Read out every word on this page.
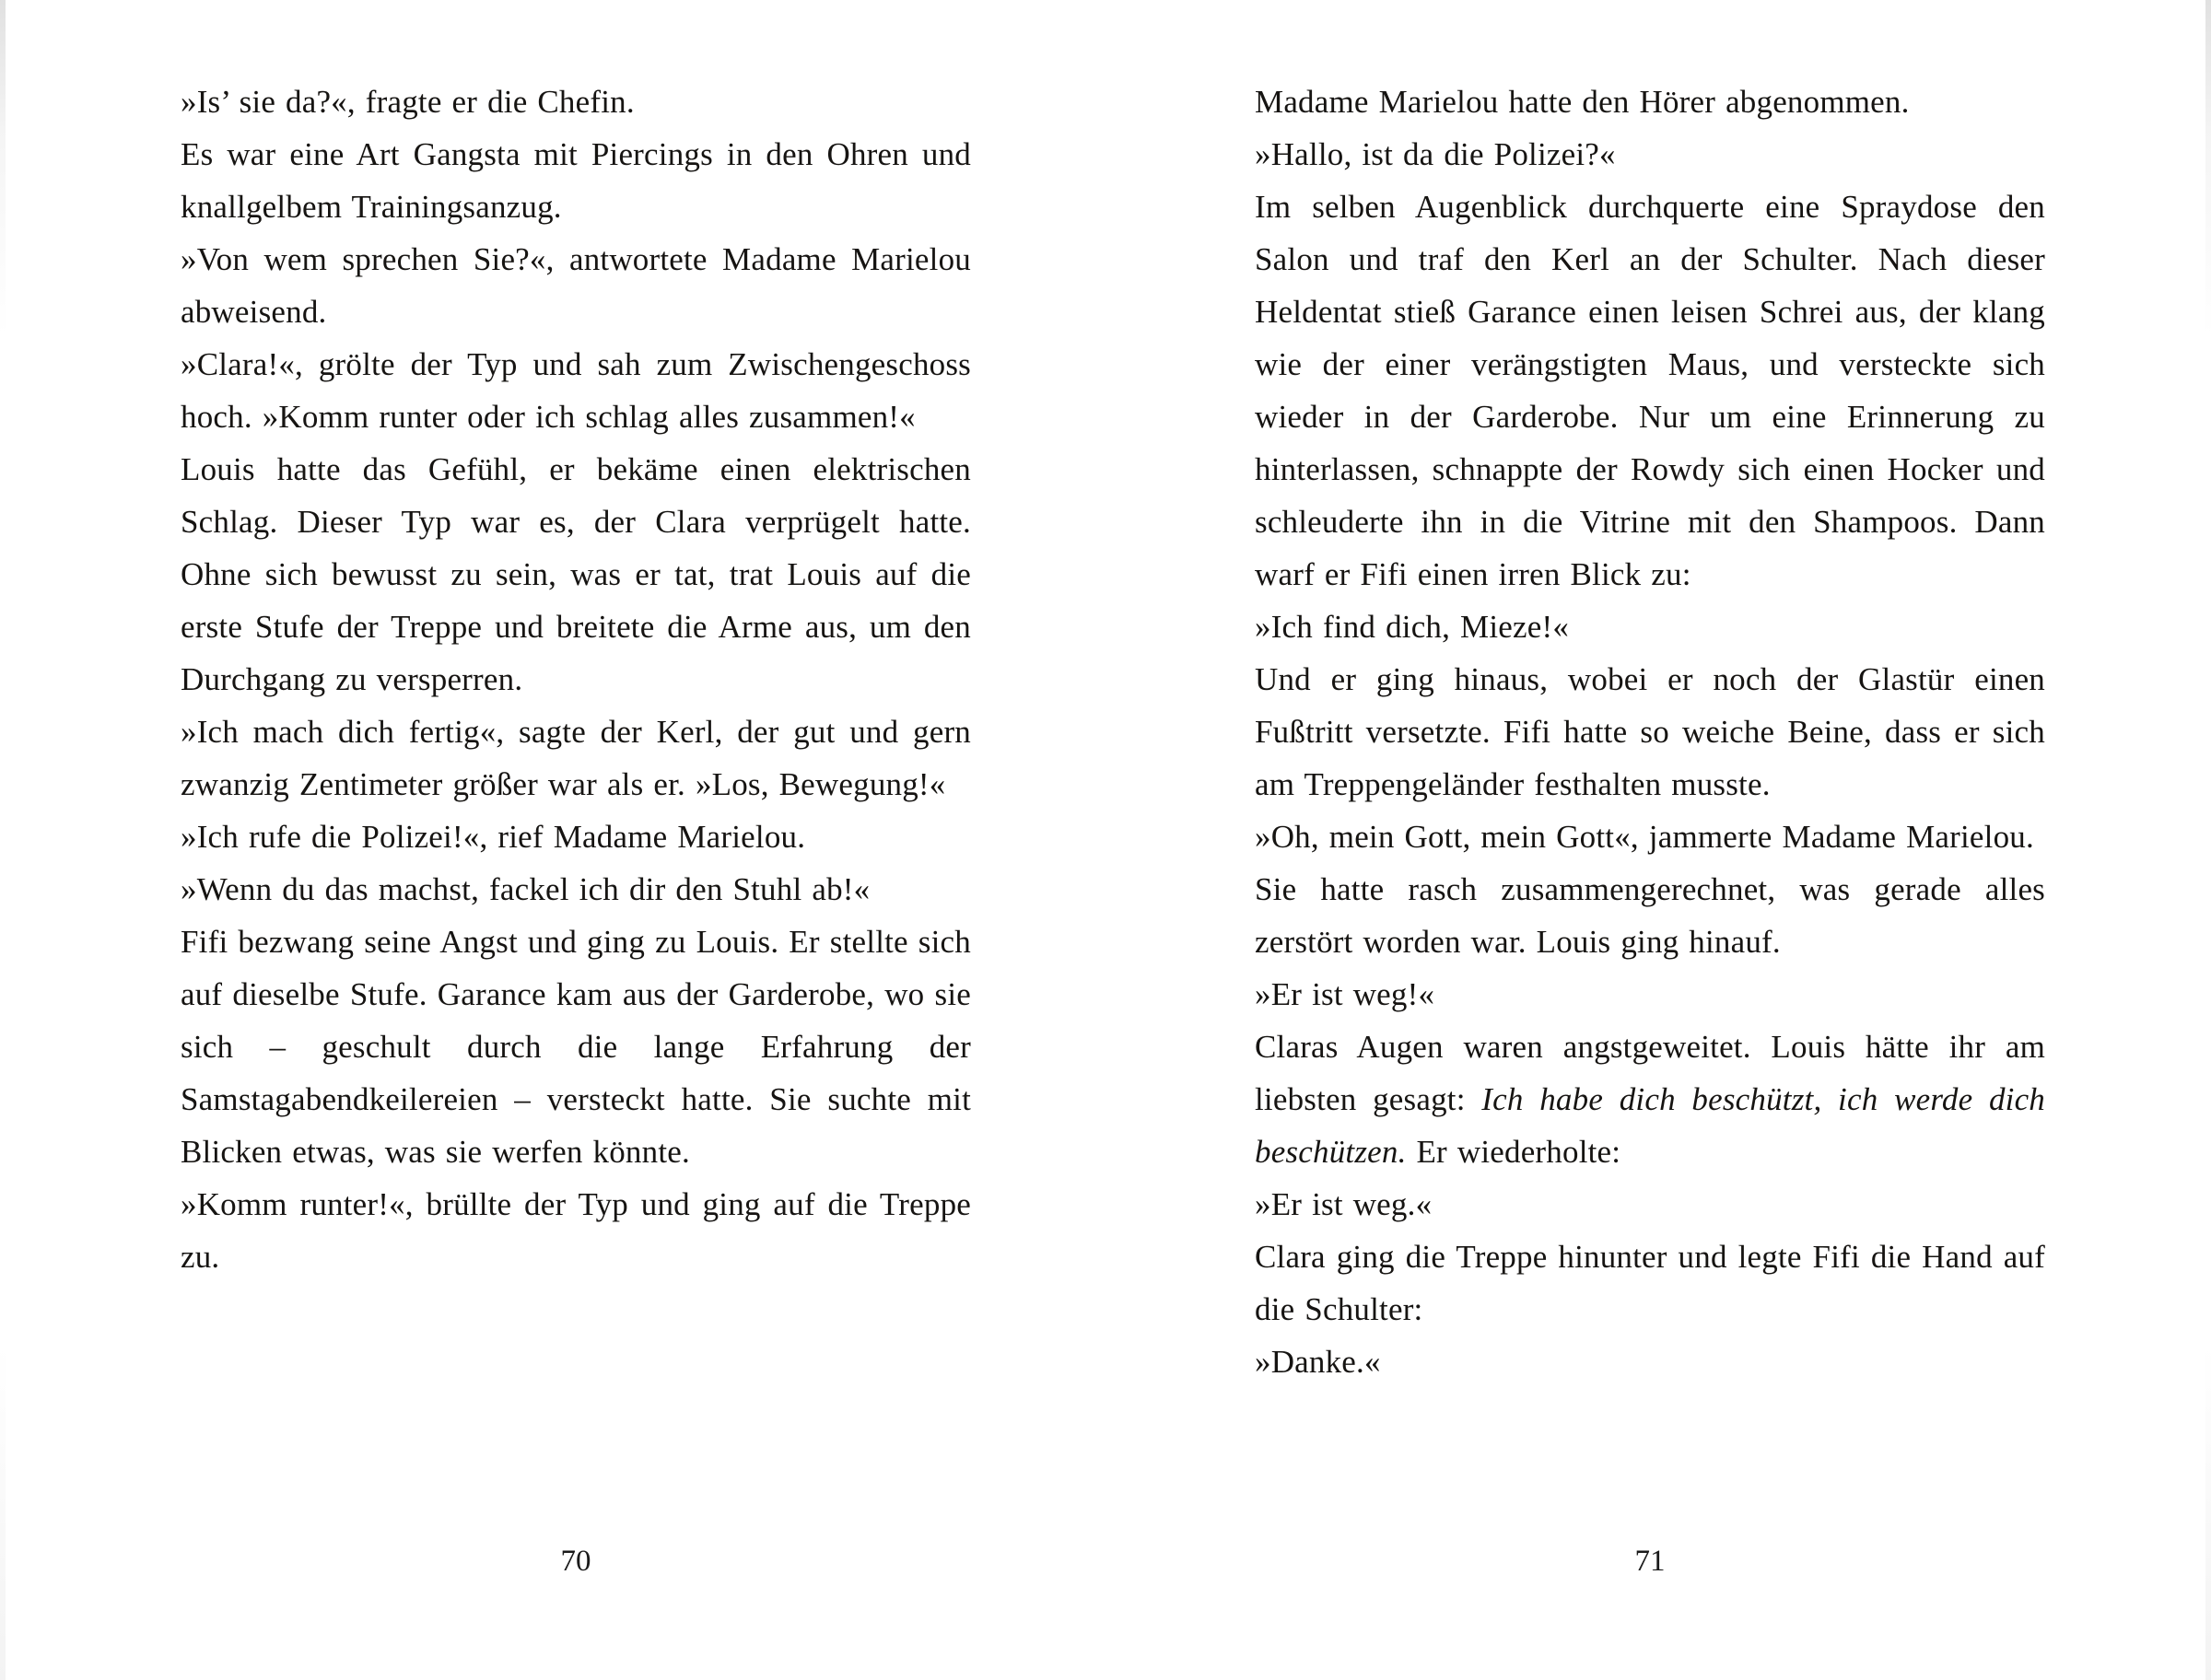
»Is’ sie da?«, fragte er die Chefin.

Es war eine Art Gangsta mit Piercings in den Ohren und knallgelbem Trainingsanzug.

»Von wem sprechen Sie?«, antwortete Madame Marielou abweisend.

»Clara!«, grölte der Typ und sah zum Zwischengeschoss hoch. »Komm runter oder ich schlag alles zusammen!«

Louis hatte das Gefühl, er bekäme einen elektrischen Schlag. Dieser Typ war es, der Clara verprügelt hatte. Ohne sich bewusst zu sein, was er tat, trat Louis auf die erste Stufe der Treppe und breitete die Arme aus, um den Durchgang zu versperren.

»Ich mach dich fertig«, sagte der Kerl, der gut und gern zwanzig Zentimeter größer war als er. »Los, Bewegung!«

»Ich rufe die Polizei!«, rief Madame Marielou.

»Wenn du das machst, fackel ich dir den Stuhl ab!«

Fifi bezwang seine Angst und ging zu Louis. Er stellte sich auf dieselbe Stufe. Garance kam aus der Garderobe, wo sie sich – geschult durch die lange Erfahrung der Samstagabendkeilereien – versteckt hatte. Sie suchte mit Blicken etwas, was sie werfen könnte.

»Komm runter!«, brüllte der Typ und ging auf die Treppe zu.

70

Madame Marielou hatte den Hörer abgenommen.

»Hallo, ist da die Polizei?«

Im selben Augenblick durchquerte eine Spraydose den Salon und traf den Kerl an der Schulter. Nach dieser Heldentat stieß Garance einen leisen Schrei aus, der klang wie der einer verängstigten Maus, und versteckte sich wieder in der Garderobe. Nur um eine Erinnerung zu hinterlassen, schnappte der Rowdy sich einen Hocker und schleuderte ihn in die Vitrine mit den Shampoos. Dann warf er Fifi einen irren Blick zu:

»Ich find dich, Mieze!«

Und er ging hinaus, wobei er noch der Glastür einen Fußtritt versetzte. Fifi hatte so weiche Beine, dass er sich am Treppengeländer festhalten musste.

»Oh, mein Gott, mein Gott«, jammerte Madame Marielou.

Sie hatte rasch zusammengerechnet, was gerade alles zerstört worden war. Louis ging hinauf.

»Er ist weg!«

Claras Augen waren angstgeweitet. Louis hätte ihr am liebsten gesagt: Ich habe dich beschützt, ich werde dich beschützen. Er wiederholte:

»Er ist weg.«

Clara ging die Treppe hinunter und legte Fifi die Hand auf die Schulter:

»Danke.«

71
